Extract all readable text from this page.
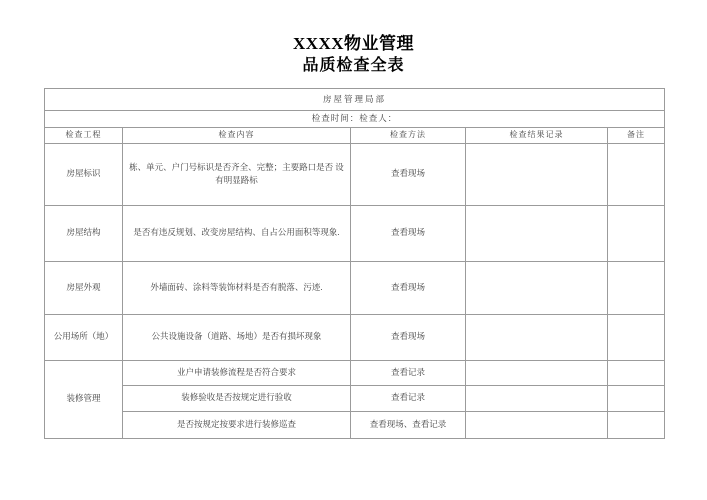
XXXX物业管理
品质检查全表
房屋管理局部				
检查时间：检查人：				
检查工程	检查内容	检查方法	检查结果记录	备注
房屋标识	栋、单元、户门号标识是否齐全、完整；主要路口是否 设有明显路标	查看现场		
房屋结构	是否有违反规划、改变房屋结构、自占公用面积等现象.	查看现场		
房屋外观	外墙面砖、涂料等装饰材料是否有脱落、污迹.	查看现场		
公用场所（地）	公共设施设备（道路、场地）是否有损坏现象	查看现场		
装修管理	业户申请装修流程是否符合要求	查看记录		
	装修验收是否按规定进行验收	查看记录		
	是否按规定按要求进行装修巡查	查看现场、查看记录		
